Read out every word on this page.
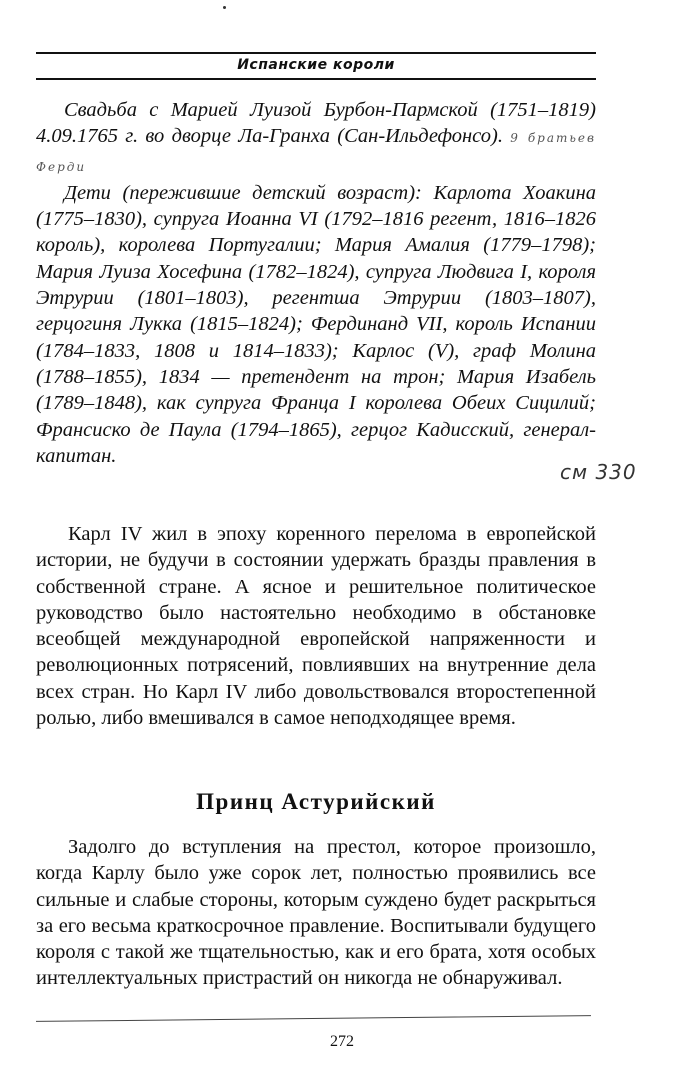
Испанские короли

Свадьба с Марией Луизой Бурбон-Пармской (1751–1819) 4.09.1765 г. во дворце Ла-Гранха (Сан-Ильдефонсо). 9 братьев Ферди

Дети (пережившие детский возраст): Карлота Хоакина (1775–1830), супруга Иоанна VI (1792–1816 регент, 1816–1826 король), королева Португалии; Мария Амалия (1779–1798); Мария Луиза Хосефина (1782–1824), супруга Людвига I, короля Этрурии (1801–1803), регентша Этрурии (1803–1807), герцогиня Лукка (1815–1824); Фердинанд VII, король Испании (1784–1833, 1808 и 1814–1833); Карлос (V), граф Молина (1788–1855), 1834 — претендент на трон; Мария Изабель (1789–1848), как супруга Франца I королева Обеих Сицилий; Франсиско де Паула (1794–1865), герцог Кадисский, генерал-капитан.

см 330

Карл IV жил в эпоху коренного перелома в европейской истории, не будучи в состоянии удержать бразды правления в собственной стране. А ясное и решительное политическое руководство было настоятельно необходимо в обстановке всеобщей международной европейской напряженности и революционных потрясений, повлиявших на внутренние дела всех стран. Но Карл IV либо довольствовался второстепенной ролью, либо вмешивался в самое неподходящее время.

Принц Астурийский

Задолго до вступления на престол, которое произошло, когда Карлу было уже сорок лет, полностью проявились все сильные и слабые стороны, которым суждено будет раскрыться за его весьма краткосрочное правление. Воспитывали будущего короля с такой же тщательностью, как и его брата, хотя особых интеллектуальных пристрастий он никогда не обнаруживал.

272
